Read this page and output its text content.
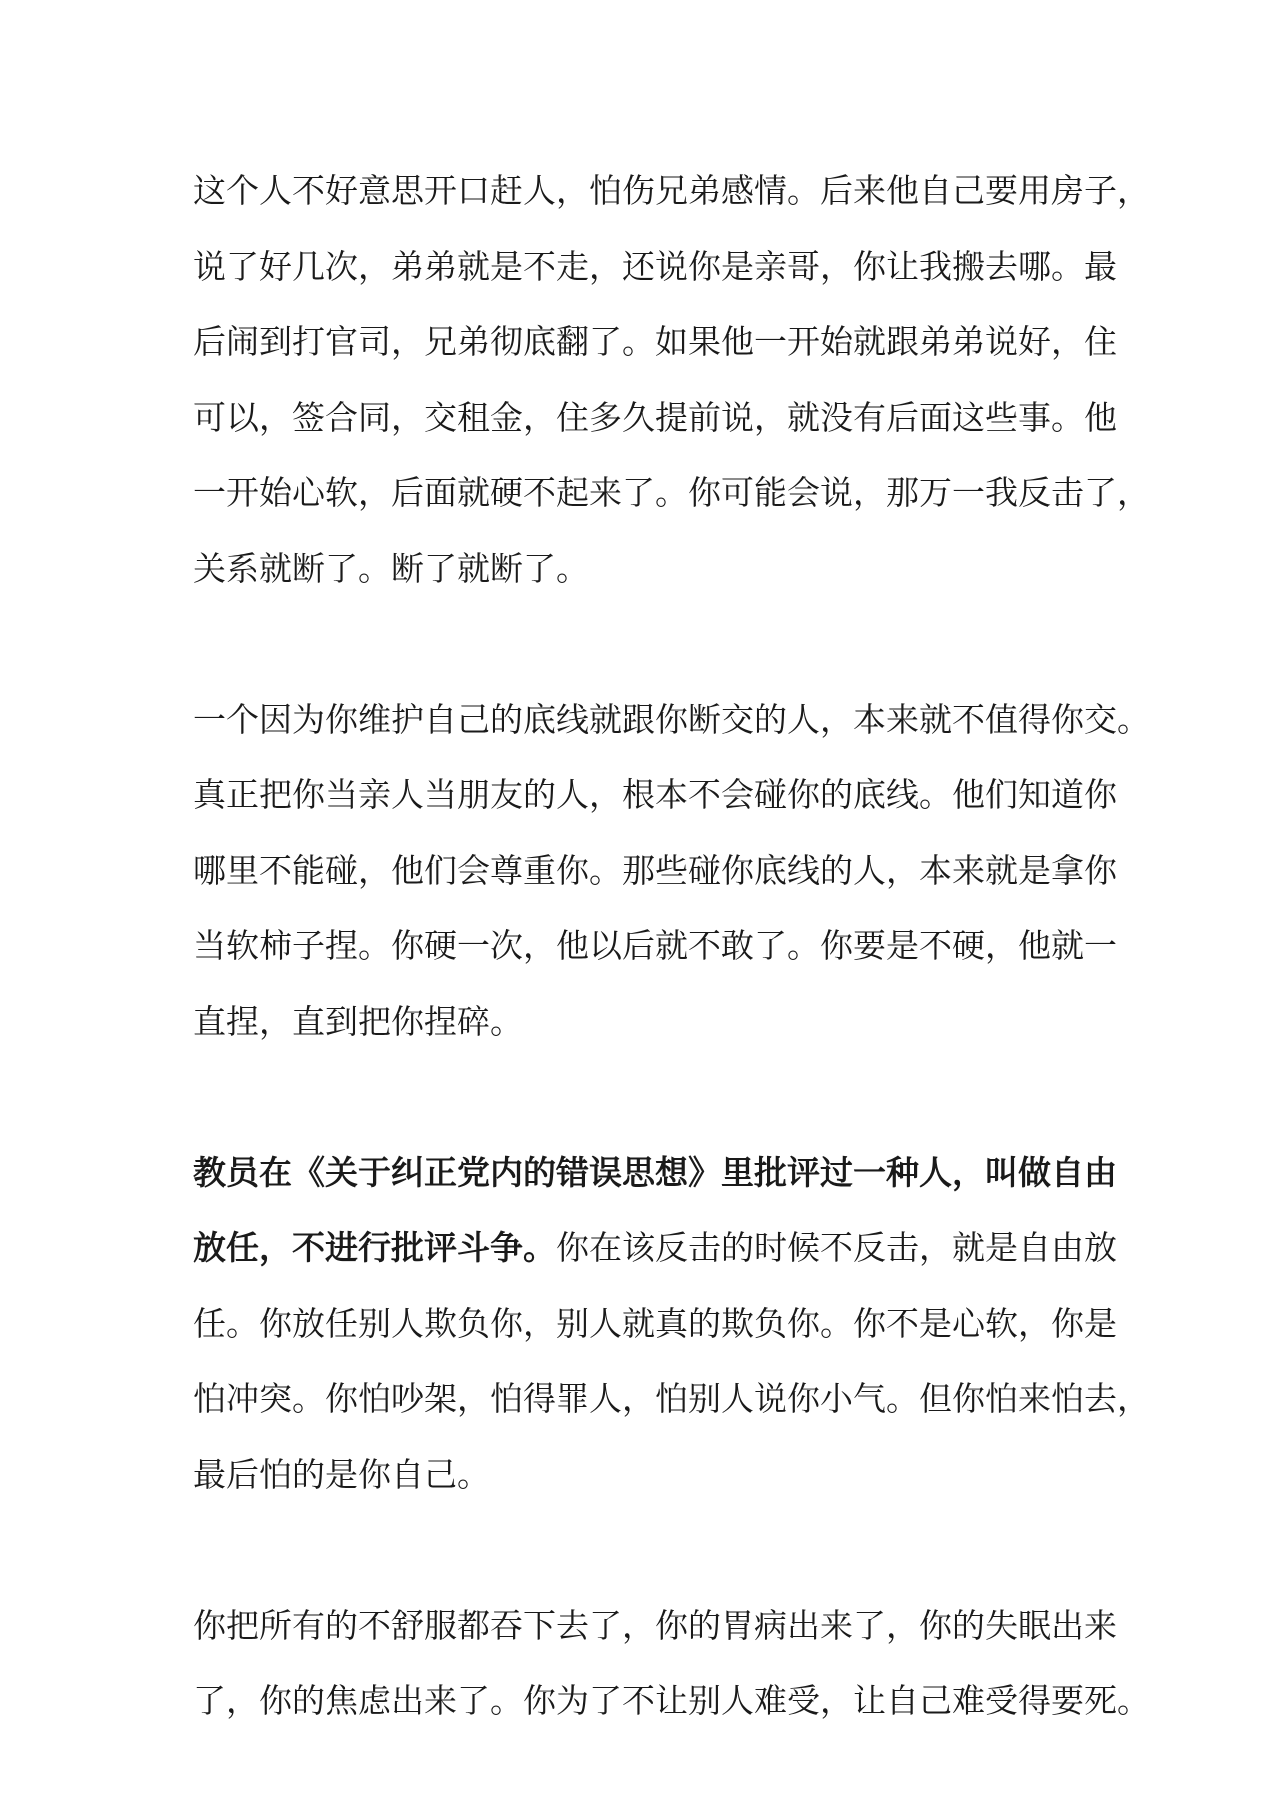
这个人不好意思开口赶人，怕伤兄弟感情。后来他自己要用房子，
说了好几次，弟弟就是不走，还说你是亲哥，你让我搬去哪。最
后闹到打官司，兄弟彻底翻了。如果他一开始就跟弟弟说好，住
可以，签合同，交租金，住多久提前说，就没有后面这些事。他
一开始心软，后面就硬不起来了。你可能会说，那万一我反击了，
关系就断了。断了就断了。
一个因为你维护自己的底线就跟你断交的人，本来就不值得你交。
真正把你当亲人当朋友的人，根本不会碰你的底线。他们知道你
哪里不能碰，他们会尊重你。那些碰你底线的人，本来就是拿你
当软柿子捏。你硬一次，他以后就不敢了。你要是不硬，他就一
直捏，直到把你捏碎。
教员在《关于纠正党内的错误思想》里批评过一种人，叫做自由
放任，不进行批评斗争。你在该反击的时候不反击，就是自由放
任。你放任别人欺负你，别人就真的欺负你。你不是心软，你是
怕冲突。你怕吵架，怕得罪人，怕别人说你小气。但你怕来怕去，
最后怕的是你自己。
你把所有的不舒服都吞下去了，你的胃病出来了，你的失眠出来
了，你的焦虑出来了。你为了不让别人难受，让自己难受得要死。
